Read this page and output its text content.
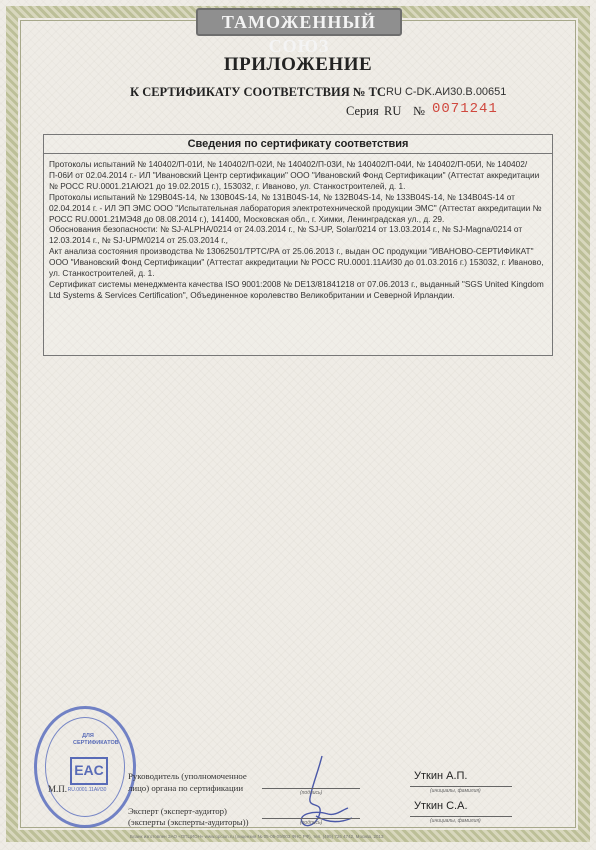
ТАМОЖЕННЫЙ СОЮЗ
ПРИЛОЖЕНИЕ
К СЕРТИФИКАТУ СООТВЕТСТВИЯ № ТС RU С-DK.АИ30.В.00651
Серия RU № 0071241
Сведения по сертификату соответствия

Протоколы испытаний № 140402/П-01И, № 140402/П-02И, № 140402/П-03И, № 140402/П-04И, № 140402/П-05И, № 140402/П-06И от 02.04.2014 г.- ИЛ "Ивановский Центр сертификации" ООО "Ивановский Фонд Сертификации" (Аттестат аккредитации № РОСС RU.0001.21АЮ21 до 19.02.2015 г.), 153032, г. Иваново, ул. Станкостроителей, д. 1.

Протоколы испытаний № 129В04S-14, № 130В04S-14, № 131В04S-14, № 132В04S-14, № 133В04S-14, № 134В04S-14 от 02.04.2014 г. - ИЛ ЭП ЭМС ООО "Испытательная лаборатория электротехнической продукции ЭМС" (Аттестат аккредитации № РОСС RU.0001.21МЭ48 до 08.08.2014 г.), 141400, Московская обл., г. Химки, Ленинградская ул., д. 29.

Обоснования безопасности: № SJ-ALPHA/0214 от 24.03.2014 г., № SJ-UP, Solar/0214 от 13.03.2014 г., № SJ-Magna/0214 от 12.03.2014 г., № SJ-UPM/0214 от 25.03.2014 г.,

Акт анализа состояния производства № 13062501/ТРТС/РА от 25.06.2013 г., выдан ОС продукции "ИВАНОВО-СЕРТИФИКАТ" ООО "Ивановский Фонд Сертификации" (Аттестат аккредитации № РОСС RU.0001.11АИ30 до 01.03.2016 г.) 153032, г. Иваново, ул. Станкостроителей, д. 1.

Сертификат системы менеджмента качества ISO 9001:2008 № DE13/81841218 от 07.06.2013 г., выданный "SGS United Kingdom Ltd Systems & Services Certification", Объединенное королевство Великобритании и Северной Ирландии.

ДЛЯ СЕРТИФИКАТОВ
EAC
RU.0001.11АИ30
М.П.
Руководитель (уполномоченное
лицо) органа по сертификации	(подпись)
Уткин А.П.
(инициалы, фамилия)
Эксперт (эксперт-аудитор)
(эксперты (эксперты-аудиторы))	(подпись)
Уткин С.А.
(инициалы, фамилия)
Бланк изготовлен ЗАО «ОПЦИОН» www.opcion.ru (лицензия № 05-05-09/003 ФНС РФ), тел. (495) 726 4742, Москва, 2013
